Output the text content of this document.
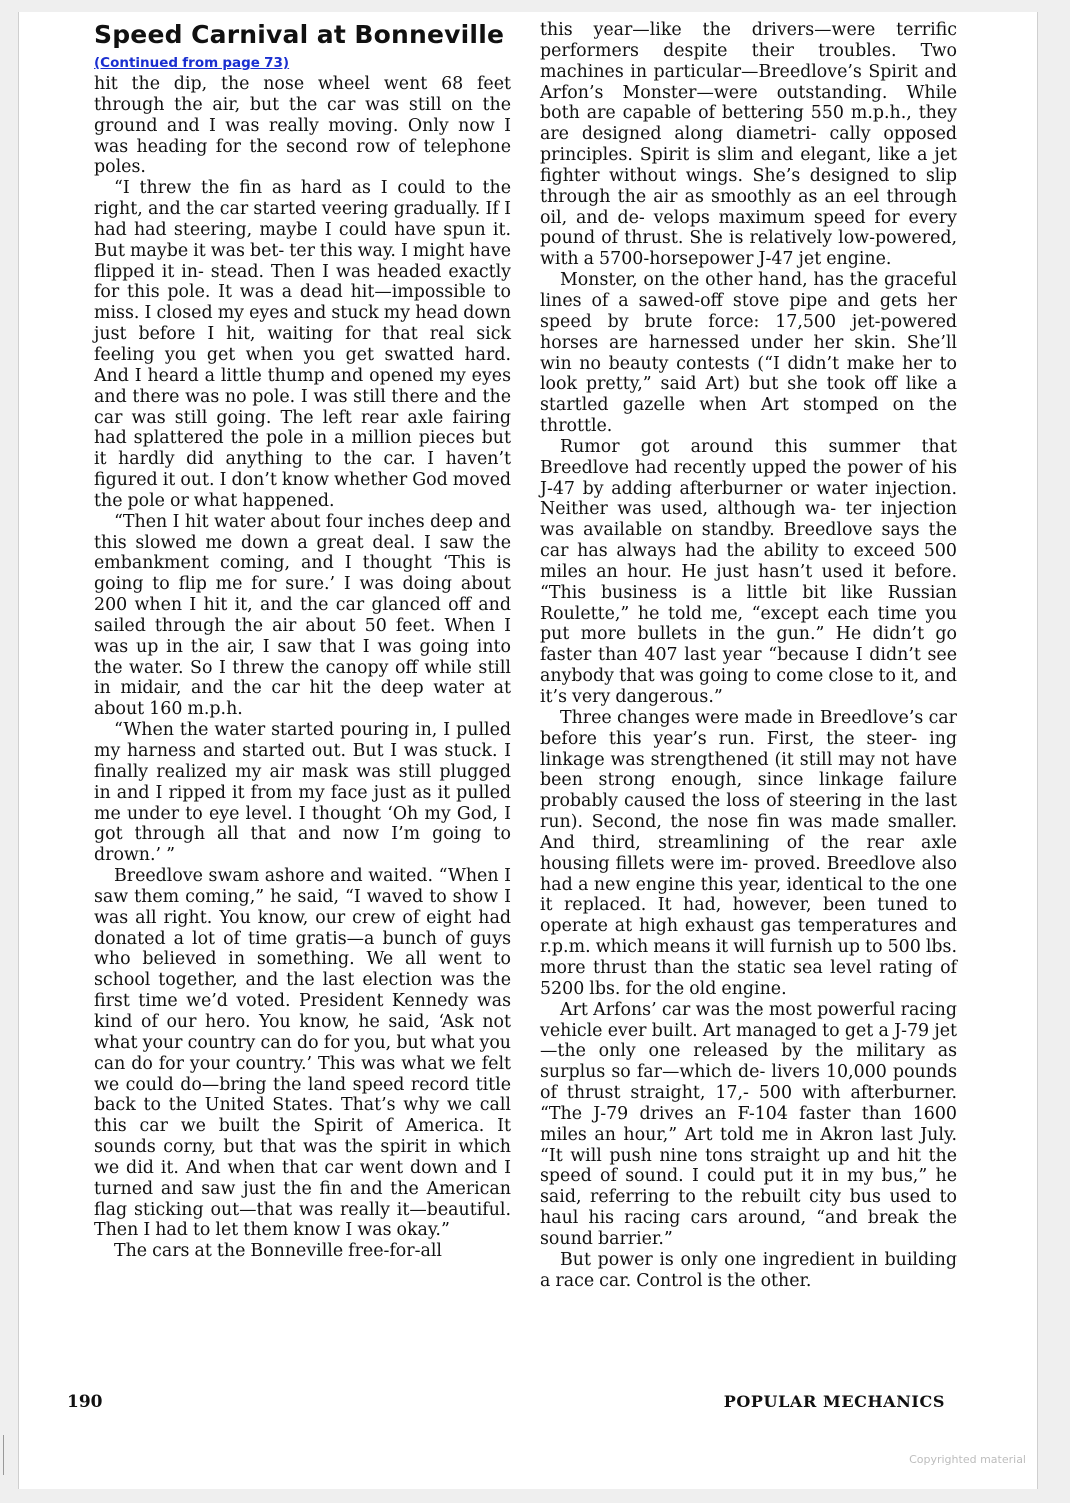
Speed Carnival at Bonneville
(Continued from page 73)

hit the dip, the nose wheel went 68 feet through the air, but the car was still on the ground and I was really moving. Only now I was heading for the second row of telephone poles.

“I threw the fin as hard as I could to the right, and the car started veering gradually. If I had had steering, maybe I could have spun it. But maybe it was bet- ter this way. I might have flipped it in- stead. Then I was headed exactly for this pole. It was a dead hit—impossible to miss. I closed my eyes and stuck my head down just before I hit, waiting for that real sick feeling you get when you get swatted hard. And I heard a little thump and opened my eyes and there was no pole. I was still there and the car was still going. The left rear axle fairing had splattered the pole in a million pieces but it hardly did anything to the car. I haven’t figured it out. I don’t know whether God moved the pole or what happened.

“Then I hit water about four inches deep and this slowed me down a great deal. I saw the embankment coming, and I thought ‘This is going to flip me for sure.’ I was doing about 200 when I hit it, and the car glanced off and sailed through the air about 50 feet. When I was up in the air, I saw that I was going into the water. So I threw the canopy off while still in midair, and the car hit the deep water at about 160 m.p.h.

“When the water started pouring in, I pulled my harness and started out. But I was stuck. I finally realized my air mask was still plugged in and I ripped it from my face just as it pulled me under to eye level. I thought ‘Oh my God, I got through all that and now I’m going to drown.’ ”

Breedlove swam ashore and waited. “When I saw them coming,” he said, “I waved to show I was all right. You know, our crew of eight had donated a lot of time gratis—a bunch of guys who believed in something. We all went to school together, and the last election was the first time we’d voted. President Kennedy was kind of our hero. You know, he said, ‘Ask not what your country can do for you, but what you can do for your country.’ This was what we felt we could do—bring the land speed record title back to the United States. That’s why we call this car we built the Spirit of America. It sounds corny, but that was the spirit in which we did it. And when that car went down and I turned and saw just the fin and the American flag sticking out—that was really it—beautiful. Then I had to let them know I was okay.”

The cars at the Bonneville free-for-all

this year—like the drivers—were terrific performers despite their troubles. Two machines in particular—Breedlove’s Spirit and Arfon’s Monster—were outstanding. While both are capable of bettering 550 m.p.h., they are designed along diametri- cally opposed principles. Spirit is slim and elegant, like a jet fighter without wings. She’s designed to slip through the air as smoothly as an eel through oil, and de- velops maximum speed for every pound of thrust. She is relatively low-powered, with a 5700-horsepower J-47 jet engine.

Monster, on the other hand, has the graceful lines of a sawed-off stove pipe and gets her speed by brute force: 17,500 jet-powered horses are harnessed under her skin. She’ll win no beauty contests (“I didn’t make her to look pretty,” said Art) but she took off like a startled gazelle when Art stomped on the throttle.

Rumor got around this summer that Breedlove had recently upped the power of his J-47 by adding afterburner or water injection. Neither was used, although wa- ter injection was available on standby. Breedlove says the car has always had the ability to exceed 500 miles an hour. He just hasn’t used it before. “This business is a little bit like Russian Roulette,” he told me, “except each time you put more bullets in the gun.” He didn’t go faster than 407 last year “because I didn’t see anybody that was going to come close to it, and it’s very dangerous.”

Three changes were made in Breedlove’s car before this year’s run. First, the steer- ing linkage was strengthened (it still may not have been strong enough, since linkage failure probably caused the loss of steering in the last run). Second, the nose fin was made smaller. And third, streamlining of the rear axle housing fillets were im- proved. Breedlove also had a new engine this year, identical to the one it replaced. It had, however, been tuned to operate at high exhaust gas temperatures and r.p.m. which means it will furnish up to 500 lbs. more thrust than the static sea level rating of 5200 lbs. for the old engine.

Art Arfons’ car was the most powerful racing vehicle ever built. Art managed to get a J-79 jet—the only one released by the military as surplus so far—which de- livers 10,000 pounds of thrust straight, 17,- 500 with afterburner. “The J-79 drives an F-104 faster than 1600 miles an hour,” Art told me in Akron last July. “It will push nine tons straight up and hit the speed of sound. I could put it in my bus,” he said, referring to the rebuilt city bus used to haul his racing cars around, “and break the sound barrier.”

But power is only one ingredient in building a race car. Control is the other.

190	POPULAR MECHANICS
Copyrighted material
